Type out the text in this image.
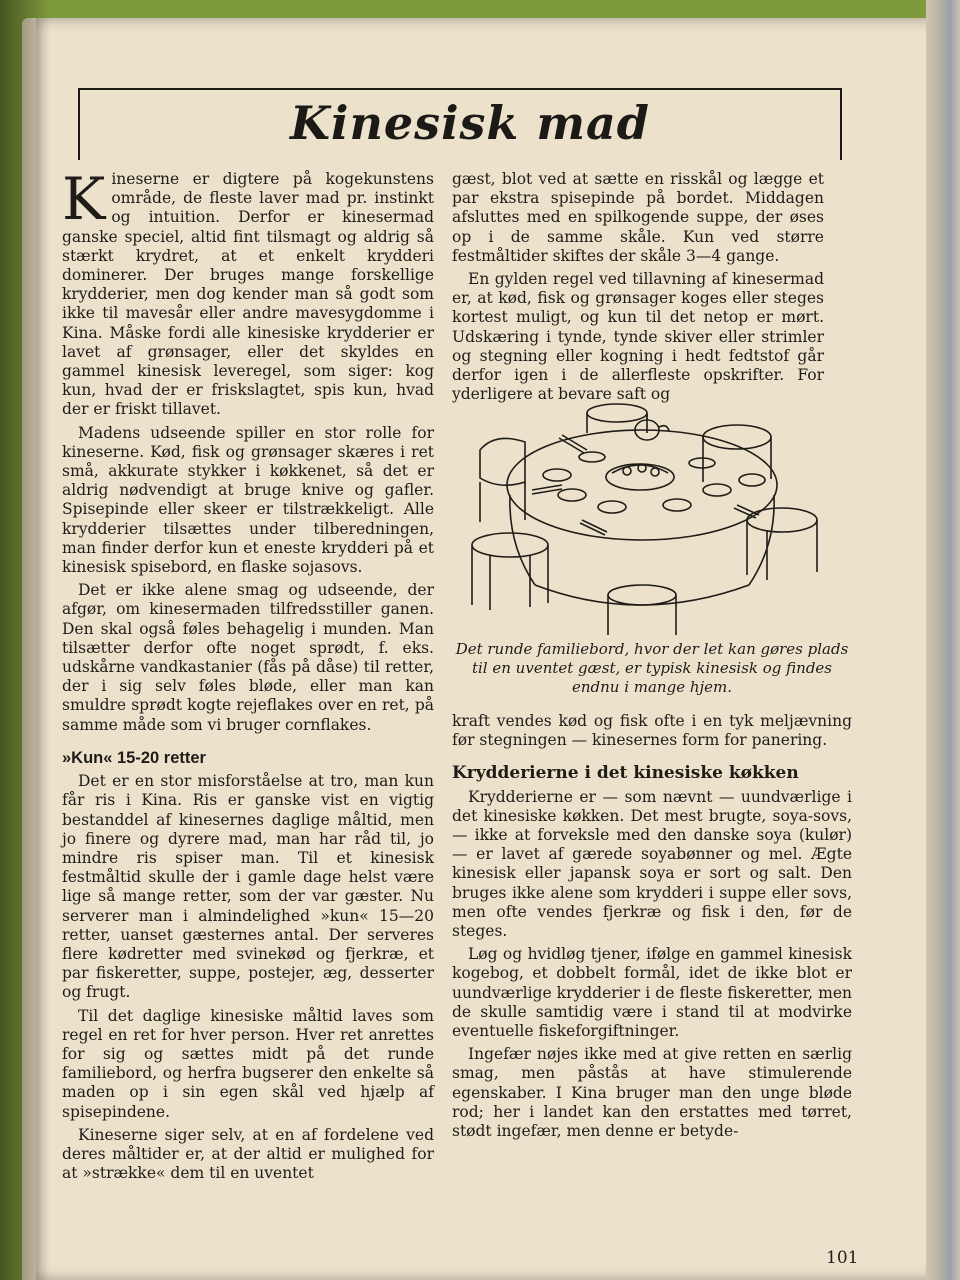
Kinesisk mad

Kineserne er digtere på kogekunstens område, de fleste laver mad pr. instinkt og intuition. Derfor er kinesermad ganske speciel, altid fint tilsmagt og aldrig så stærkt krydret, at et enkelt krydderi dominerer. Der bruges mange forskellige krydderier, men dog kender man så godt som ikke til mavesår eller andre mavesygdomme i Kina. Måske fordi alle kinesiske krydderier er lavet af grønsager, eller det skyldes en gammel kinesisk leveregel, som siger: kog kun, hvad der er friskslagtet, spis kun, hvad der er friskt tillavet.

Madens udseende spiller en stor rolle for kineserne. Kød, fisk og grønsager skæres i ret små, akkurate stykker i køkkenet, så det er aldrig nødvendigt at bruge knive og gafler. Spisepinde eller skeer er tilstrækkeligt. Alle krydderier tilsættes under tilberedningen, man finder derfor kun et eneste krydderi på et kinesisk spisebord, en flaske sojasovs.

Det er ikke alene smag og udseende, der afgør, om kinesermaden tilfredsstiller ganen. Den skal også føles behagelig i munden. Man tilsætter derfor ofte noget sprødt, f. eks. udskårne vandkastanier (fås på dåse) til retter, der i sig selv føles bløde, eller man kan smuldre sprødt kogte rejeflakes over en ret, på samme måde som vi bruger cornflakes.

»Kun« 15-20 retter

Det er en stor misforståelse at tro, man kun får ris i Kina. Ris er ganske vist en vigtig bestanddel af kinesernes daglige måltid, men jo finere og dyrere mad, man har råd til, jo mindre ris spiser man. Til et kinesisk festmåltid skulle der i gamle dage helst være lige så mange retter, som der var gæster. Nu serverer man i almindelighed »kun« 15—20 retter, uanset gæsternes antal. Der serveres flere kødretter med svinekød og fjerkræ, et par fiskeretter, suppe, postejer, æg, desserter og frugt.

Til det daglige kinesiske måltid laves som regel en ret for hver person. Hver ret anrettes for sig og sættes midt på det runde familiebord, og herfra bugserer den enkelte så maden op i sin egen skål ved hjælp af spisepindene.

Kineserne siger selv, at en af fordelene ved deres måltider er, at der altid er mulighed for at »strække« dem til en uventet

gæst, blot ved at sætte en risskål og lægge et par ekstra spisepinde på bordet. Middagen afsluttes med en spilkogende suppe, der øses op i de samme skåle. Kun ved større festmåltider skiftes der skåle 3—4 gange.

En gylden regel ved tillavning af kinesermad er, at kød, fisk og grønsager koges eller steges kortest muligt, og kun til det netop er mørt. Udskæring i tynde, tynde skiver eller strimler og stegning eller kogning i hedt fedtstof går derfor igen i de allerfleste opskrifter. For yderligere at bevare saft og

Det runde familiebord, hvor der let kan gøres plads til en uventet gæst, er typisk kinesisk og findes endnu i mange hjem.

kraft vendes kød og fisk ofte i en tyk meljævning før stegningen — kinesernes form for panering.

Krydderierne i det kinesiske køkken

Krydderierne er — som nævnt — uundværlige i det kinesiske køkken. Det mest brugte, soya-sovs, — ikke at forveksle med den danske soya (kulør) — er lavet af gærede soyabønner og mel. Ægte kinesisk eller japansk soya er sort og salt. Den bruges ikke alene som krydderi i suppe eller sovs, men ofte vendes fjerkræ og fisk i den, før de steges.

Løg og hvidløg tjener, ifølge en gammel kinesisk kogebog, et dobbelt formål, idet de ikke blot er uundværlige krydderier i de fleste fiskeretter, men de skulle samtidig være i stand til at modvirke eventuelle fiskeforgiftninger.

Ingefær nøjes ikke med at give retten en særlig smag, men påstås at have stimulerende egenskaber. I Kina bruger man den unge bløde rod; her i landet kan den erstattes med tørret, stødt ingefær, men denne er betyde-

101
